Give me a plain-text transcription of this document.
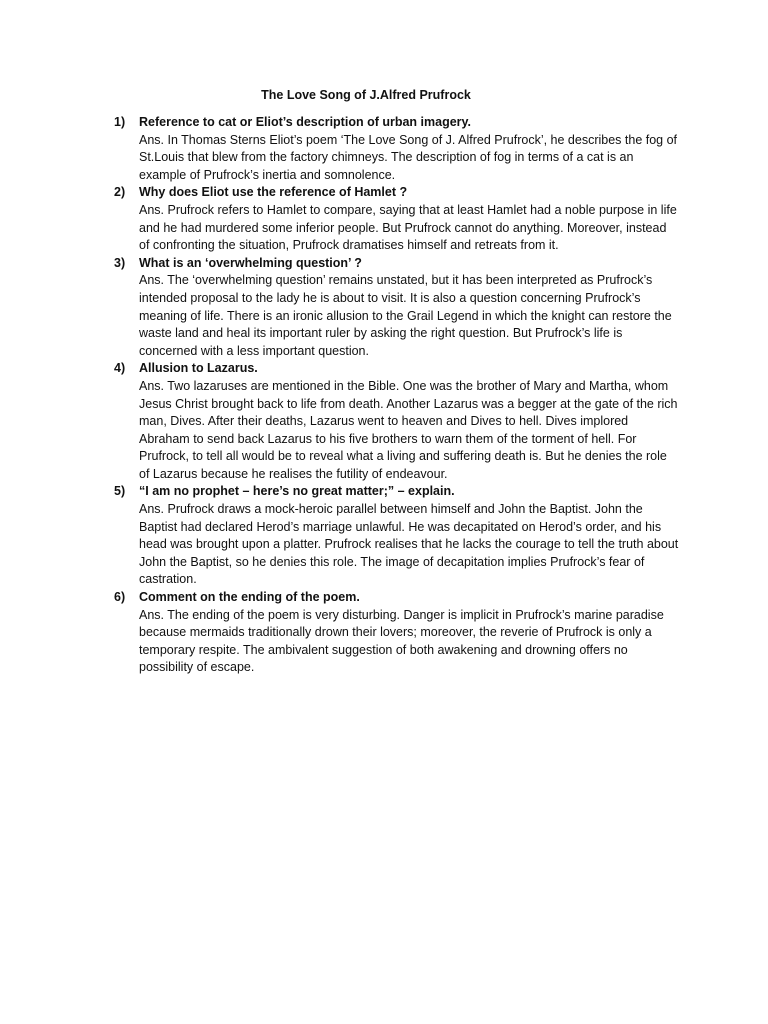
The Love Song of J.Alfred Prufrock
1) Reference to cat or Eliot’s description of urban imagery.
Ans. In Thomas Sterns Eliot’s poem ‘The Love Song of J. Alfred Prufrock’, he describes the fog of St.Louis that blew from the factory chimneys. The description of fog in terms of a cat is an example of Prufrock’s inertia and somnolence.
2) Why does Eliot use the reference of Hamlet ?
Ans. Prufrock refers to Hamlet to compare, saying that at least Hamlet had a noble purpose in life and he had murdered some inferior people. But Prufrock cannot do anything. Moreover, instead of confronting the situation, Prufrock dramatises himself and retreats from it.
3) What is an ‘overwhelming question’ ?
Ans. The ‘overwhelming question’ remains unstated, but it has been interpreted as Prufrock’s intended proposal to the lady he is about to visit. It is also a question concerning Prufrock’s meaning of life. There is an ironic allusion to the Grail Legend in which the knight can restore the waste land and heal its important ruler by asking the right question. But Prufrock’s life is concerned with a less important question.
4) Allusion to Lazarus.
Ans. Two lazaruses are mentioned in the Bible. One was the brother of Mary and Martha, whom Jesus Christ brought back to life from death. Another Lazarus was a begger at the gate of the rich man, Dives. After their deaths, Lazarus went to heaven and Dives to hell. Dives implored Abraham to send back Lazarus to his five brothers to warn them of the torment of hell. For Prufrock, to tell all would be to reveal what a living and suffering death is. But he denies the role of Lazarus because he realises the futility of endeavour.
5) “I am no prophet – here’s no great matter;” – explain.
Ans. Prufrock draws a mock-heroic parallel between himself and John the Baptist. John the Baptist had declared Herod’s marriage unlawful. He was decapitated on Herod’s order, and his head was brought upon a platter. Prufrock realises that he lacks the courage to tell the truth about John the Baptist, so he denies this role. The image of decapitation implies Prufrock’s fear of castration.
6) Comment on the ending of the poem.
Ans. The ending of the poem is very disturbing. Danger is implicit in Prufrock’s marine paradise because mermaids traditionally drown their lovers; moreover, the reverie of Prufrock is only a temporary respite. The ambivalent suggestion of both awakening and drowning offers no possibility of escape.
